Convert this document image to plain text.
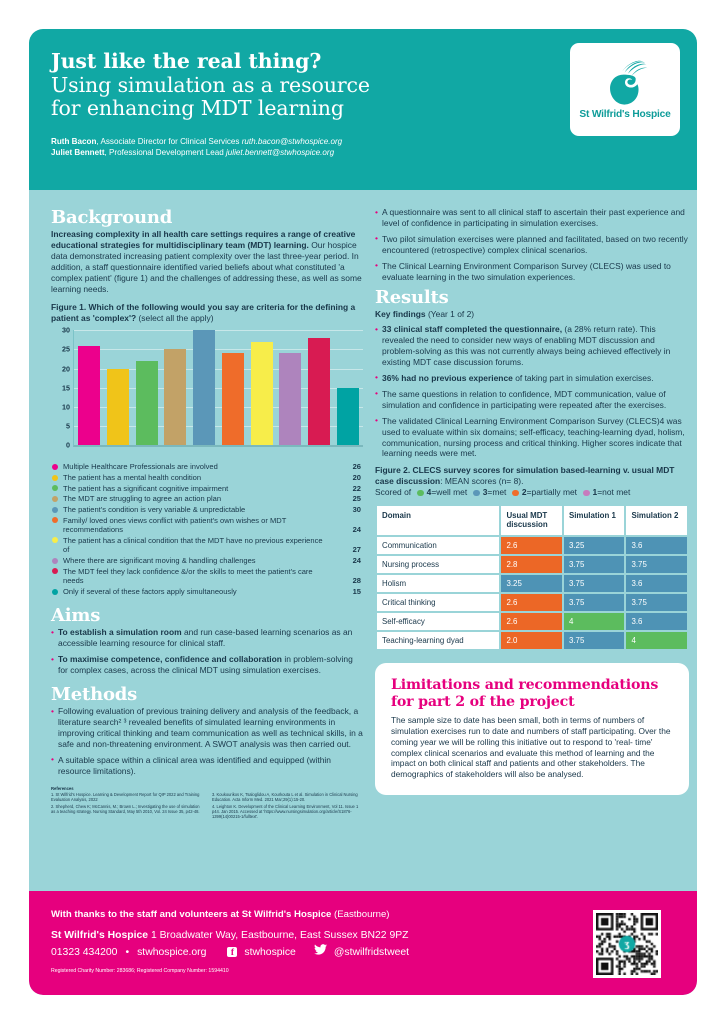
Just like the real thing?
Using simulation as a resource
for enhancing MDT learning
Ruth Bacon, Associate Director for Clinical Services ruth.bacon@stwhospice.org
Juliet Bennett, Professional Development Lead juliet.bennett@stwhospice.org
St Wilfrid's Hospice
Background

Increasing complexity in all health care settings requires a range of creative educational strategies for multidisciplinary team (MDT) learning. Our hospice data demonstrated increasing patient complexity over the last three-year period. In addition, a staff questionnaire identified varied beliefs about what constituted 'a complex patient' (figure 1) and the challenges of addressing these, as well as some learning needs.

Figure 1. Which of the following would you say are criteria for the defining a patient as 'complex'? (select all the apply)

0
5
10
15
20
25
30
Multiple Healthcare Professionals are involved	26
The patient has a mental health condition	20
The patient has a significant cognitive impairment	22
The MDT are struggling to agree an action plan	25
The patient's condition is very variable & unpredictable	30
Family/ loved ones views conflict with patient's own wishes or MDT recommendations	24
The patient has a clinical condition that the MDT have no previous experience of	27
Where there are significant moving & handling challenges	24
The MDT feel they lack confidence &/or the skills to meet the patient's care needs	28
Only if several of these factors apply simultaneously	15
Aims
• To establish a simulation room and run case-based learning scenarios as an accessible learning resource for clinical staff.
• To maximise competence, confidence and collaboration in problem-solving for complex cases, across the clinical MDT using simulation exercises.
Methods
• Following evaluation of previous training delivery and analysis of the feedback, a literature search² ³ revealed benefits of simulated learning environments in improving critical thinking and team communication as well as technical skills, in a safe and non-threatening environment. A SWOT analysis was then carried out.
• A suitable space within a clinical area was identified and equipped (within resource limitations).
References
1. St Wilfrid's Hospice. Learning & Development Report for QIP 2022 and Training Evaluation Analysis, 2022
2. Shepherd, Chew K; McCannis, M.; Brown L.; Investigating the use of simulation as a teaching strategy. Nursing Standard, May 5th 2010, Vol. 24 Issue 35, p42-48.
3. Koukourikos K, Tsaloglidou A, Kourkouta L et al. Simulation in Clinical Nursing Education. Acta Inform Med. 2021 Mar;29(1):15-20.
4. Leighton K. Development of the Clinical Learning Environment, Vol 11. Issue 1 p44. Jan 2015. Accessed at 'https://www.nursingsimulation.org/article/S1876-1399(14)00215-1/fulltext'.
• A questionnaire was sent to all clinical staff to ascertain their past experience and level of confidence in participating in simulation exercises.
• Two pilot simulation exercises were planned and facilitated, based on two recently encountered (retrospective) complex clinical scenarios.
• The Clinical Learning Environment Comparison Survey (CLECS) was used to evaluate learning in the two simulation experiences.
Results

Key findings (Year 1 of 2)

• 33 clinical staff completed the questionnaire, (a 28% return rate). This revealed the need to consider new ways of enabling MDT discussion and problem-solving as this was not currently always being achieved effectively in existing MDT case discussion forums.
• 36% had no previous experience of taking part in simulation exercises.
• The same questions in relation to confidence, MDT communication, value of simulation and confidence in participating were repeated after the exercises.
• The validated Clinical Learning Environment Comparison Survey (CLECS)4 was used to evaluate within six domains; self-efficacy, teaching-learning dyad, holism, communication, nursing process and critical thinking. Higher scores indicate that learning needs were met.

Figure 2. CLECS survey scores for simulation based-learning v. usual MDT case discussion: MEAN scores (n= 8).

Scored of 4 =well met 3 =met 2 =partially met 1 =not met
Domain	Usual MDT discussion	Simulation 1	Simulation 2
Communication	2.6	3.25	3.6
Nursing process	2.8	3.75	3.75
Holism	3.25	3.75	3.6
Critical thinking	2.6	3.75	3.75
Self-efficacy	2.6	4	3.6
Teaching-learning dyad	2.0	3.75	4
Limitations and recommendations
for part 2 of the project

The sample size to date has been small, both in terms of numbers of simulation exercises run to date and numbers of staff participating. Over the coming year we will be rolling this initiative out to respond to 'real- time' complex clinical scenarios and evaluate this method of learning and the impact on both clinical staff and patients and other stakeholders. The demographics of stakeholders will also be analysed.

With thanks to the staff and volunteers at St Wilfrid's Hospice (Eastbourne)
St Wilfrid's Hospice 1 Broadwater Way, Eastbourne, East Sussex BN22 9PZ
01323 434200 • stwhospice.org f	stwhospice	@stwilfridstweet
Registered Charity Number: 283686; Registered Company Number: 1594410
